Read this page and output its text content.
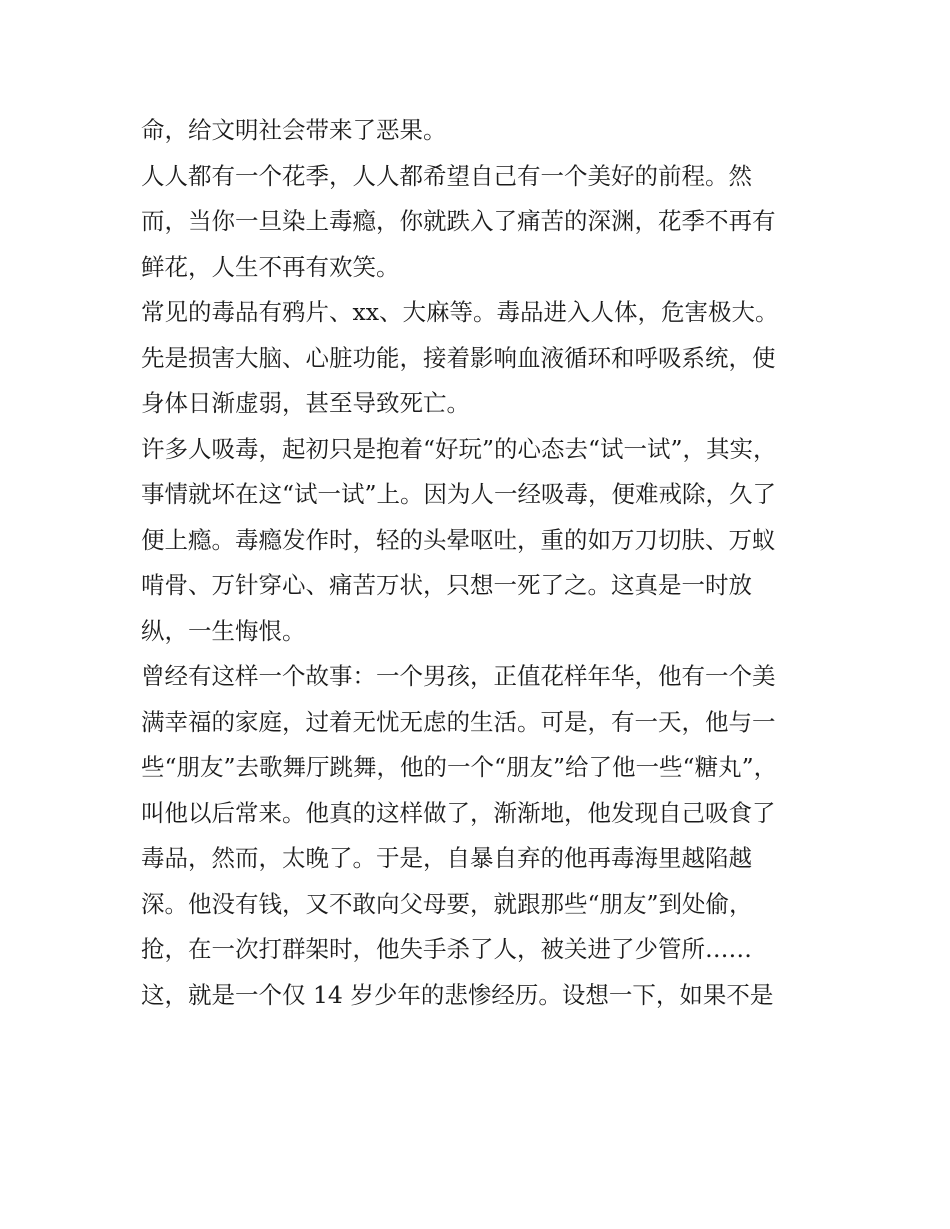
命，给文明社会带来了恶果。
人人都有一个花季，人人都希望自己有一个美好的前程。然
而，当你一旦染上毒瘾，你就跌入了痛苦的深渊，花季不再有
鲜花，人生不再有欢笑。
常见的毒品有鸦片、xx、大麻等。毒品进入人体，危害极大。
先是损害大脑、心脏功能，接着影响血液循环和呼吸系统，使
身体日渐虚弱，甚至导致死亡。
许多人吸毒，起初只是抱着“好玩”的心态去“试一试”，其实，
事情就坏在这“试一试”上。因为人一经吸毒，便难戒除，久了
便上瘾。毒瘾发作时，轻的头晕呕吐，重的如万刀切肤、万蚁
啃骨、万针穿心、痛苦万状，只想一死了之。这真是一时放
纵，一生悔恨。
曾经有这样一个故事：一个男孩，正值花样年华，他有一个美
满幸福的家庭，过着无忧无虑的生活。可是，有一天，他与一
些“朋友”去歌舞厅跳舞，他的一个“朋友”给了他一些“糖丸”，
叫他以后常来。他真的这样做了，渐渐地，他发现自己吸食了
毒品，然而，太晚了。于是，自暴自弃的他再毒海里越陷越
深。他没有钱，又不敢向父母要，就跟那些“朋友”到处偷，
抢，在一次打群架时，他失手杀了人，被关进了少管所……
这，就是一个仅 14 岁少年的悲惨经历。设想一下，如果不是
